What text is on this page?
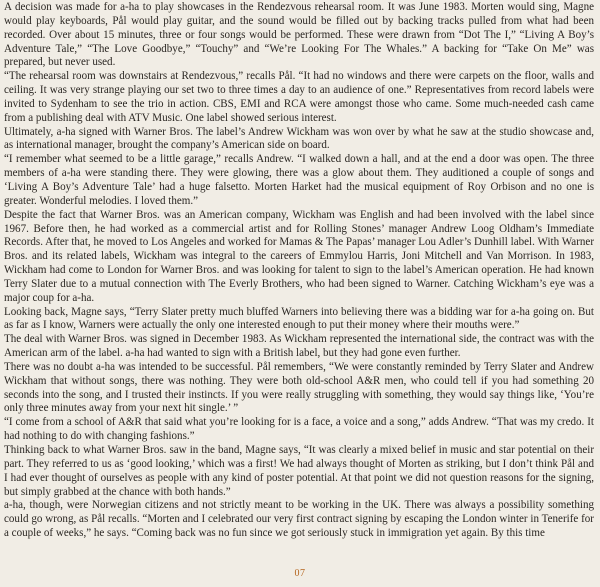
A decision was made for a-ha to play showcases in the Rendezvous rehearsal room. It was June 1983. Morten would sing, Magne would play keyboards, Pål would play guitar, and the sound would be filled out by backing tracks pulled from what had been recorded. Over about 15 minutes, three or four songs would be performed. These were drawn from “Dot The I,” “Living A Boy’s Adventure Tale,” “The Love Goodbye,” “Touchy” and “We’re Looking For The Whales.” A backing for “Take On Me” was prepared, but never used.

“The rehearsal room was downstairs at Rendezvous,” recalls Pål. “It had no windows and there were carpets on the floor, walls and ceiling. It was very strange playing our set two to three times a day to an audience of one.” Representatives from record labels were invited to Sydenham to see the trio in action. CBS, EMI and RCA were amongst those who came. Some much-needed cash came from a publishing deal with ATV Music. One label showed serious interest.

Ultimately, a-ha signed with Warner Bros. The label’s Andrew Wickham was won over by what he saw at the studio showcase and, as international manager, brought the company’s American side on board.

“I remember what seemed to be a little garage,” recalls Andrew. “I walked down a hall, and at the end a door was open. The three members of a-ha were standing there. They were glowing, there was a glow about them. They auditioned a couple of songs and ‘Living A Boy’s Adventure Tale’ had a huge falsetto. Morten Harket had the musical equipment of Roy Orbison and no one is greater. Wonderful melodies. I loved them.”

Despite the fact that Warner Bros. was an American company, Wickham was English and had been involved with the label since 1967. Before then, he had worked as a commercial artist and for Rolling Stones’ manager Andrew Loog Oldham’s Immediate Records. After that, he moved to Los Angeles and worked for Mamas & The Papas’ manager Lou Adler’s Dunhill label. With Warner Bros. and its related labels, Wickham was integral to the careers of Emmylou Harris, Joni Mitchell and Van Morrison. In 1983, Wickham had come to London for Warner Bros. and was looking for talent to sign to the label’s American operation. He had known Terry Slater due to a mutual connection with The Everly Brothers, who had been signed to Warner. Catching Wickham’s eye was a major coup for a-ha.

Looking back, Magne says, “Terry Slater pretty much bluffed Warners into believing there was a bidding war for a-ha going on. But as far as I know, Warners were actually the only one interested enough to put their money where their mouths were.”

The deal with Warner Bros. was signed in December 1983. As Wickham represented the international side, the contract was with the American arm of the label. a-ha had wanted to sign with a British label, but they had gone even further.

There was no doubt a-ha was intended to be successful. Pål remembers, “We were constantly reminded by Terry Slater and Andrew Wickham that without songs, there was nothing. They were both old-school A&R men, who could tell if you had something 20 seconds into the song, and I trusted their instincts. If you were really struggling with something, they would say things like, ‘You’re only three minutes away from your next hit single.’ ”

“I come from a school of A&R that said what you’re looking for is a face, a voice and a song,” adds Andrew. “That was my credo. It had nothing to do with changing fashions.”

Thinking back to what Warner Bros. saw in the band, Magne says, “It was clearly a mixed belief in music and star potential on their part. They referred to us as ‘good looking,’ which was a first! We had always thought of Morten as striking, but I don’t think Pål and I had ever thought of ourselves as people with any kind of poster potential. At that point we did not question reasons for the signing, but simply grabbed at the chance with both hands.”

a-ha, though, were Norwegian citizens and not strictly meant to be working in the UK. There was always a possibility something could go wrong, as Pål recalls. “Morten and I celebrated our very first contract signing by escaping the London winter in Tenerife for a couple of weeks,” he says. “Coming back was no fun since we got seriously stuck in immigration yet again. By this time

07
